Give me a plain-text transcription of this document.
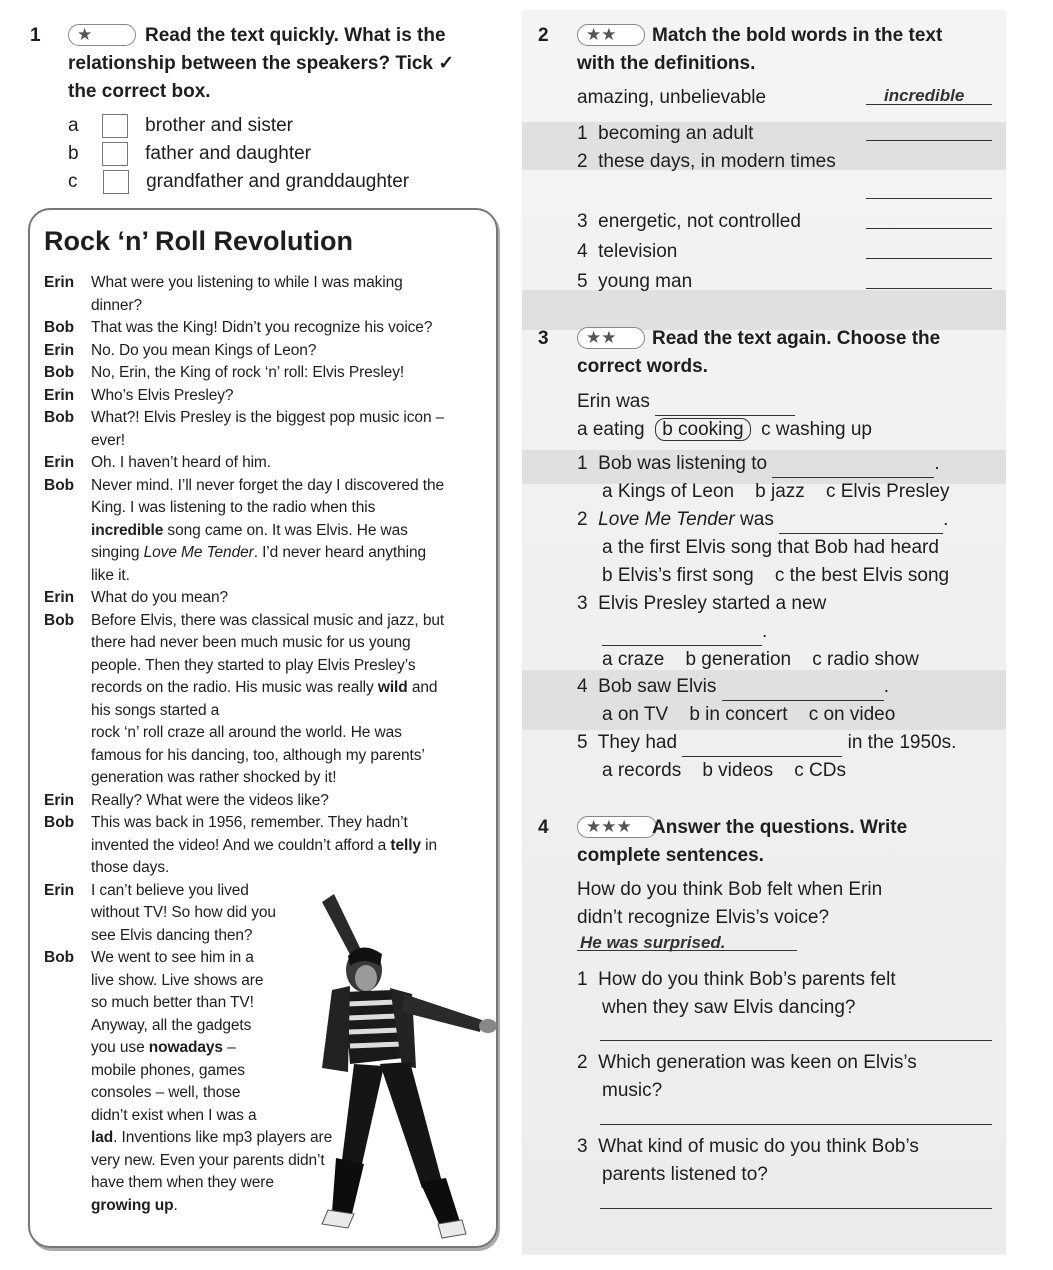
1	★	Read the text quickly. What is the
relationship between the speakers? Tick ✓
the correct box.
a	brother and sister
b	father and daughter
c	grandfather and granddaughter
Rock ‘n’ Roll Revolution
Erin What were you listening to while I was making
dinner?
Bob That was the King! Didn’t you recognize his voice?
Erin No. Do you mean Kings of Leon?
Bob No, Erin, the King of rock ‘n’ roll: Elvis Presley!
Erin Who’s Elvis Presley?
Bob What?! Elvis Presley is the biggest pop music icon –
ever!
Erin Oh. I haven’t heard of him.
Bob Never mind. I’ll never forget the day I discovered the
King. I was listening to the radio when this
incredible song came on. It was Elvis. He was
singing Love Me Tender. I’d never heard anything
like it.
Erin What do you mean?
Bob Before Elvis, there was classical music and jazz, but
there had never been much music for us young
people. Then they started to play Elvis Presley’s
records on the radio. His music was really wild and
his songs started a
rock ‘n’ roll craze all around the world. He was
famous for his dancing, too, although my parents’
generation was rather shocked by it!
Erin Really? What were the videos like?
Bob This was back in 1956, remember. They hadn’t
invented the video! And we couldn’t afford a telly in
those days.
Erin I can’t believe you lived
without TV! So how did you
see Elvis dancing then?
Bob We went to see him in a
live show. Live shows are
so much better than TV!
Anyway, all the gadgets
you use nowadays –
mobile phones, games
consoles – well, those
didn’t exist when I was a
lad. Inventions like mp3 players are
very new. Even your parents didn’t
have them when they were
growing up.
2	★★	Match the bold words in the text
with the definitions.
amazing, unbelievable	incredible
1 becoming an adult
2 these days, in modern times
3 energetic, not controlled
4 television
5 young man
3	★★	Read the text again. Choose the
correct words.
Erin was
a eating b cooking c washing up
1 Bob was listening to	.
a Kings of Leon b jazz c Elvis Presley
2 Love Me Tender was	.
a the first Elvis song that Bob had heard
b Elvis’s first song c the best Elvis song
3 Elvis Presley started a new
.
a craze b generation c radio show
4 Bob saw Elvis	.
a on TV b in concert c on video
5 They had	in the 1950s.
a records b videos c CDs
4	★★★	Answer the questions. Write
complete sentences.
How do you think Bob felt when Erin
didn’t recognize Elvis’s voice?
He was surprised.
1 How do you think Bob’s parents felt
when they saw Elvis dancing?
2 Which generation was keen on Elvis’s
music?
3 What kind of music do you think Bob’s
parents listened to?
